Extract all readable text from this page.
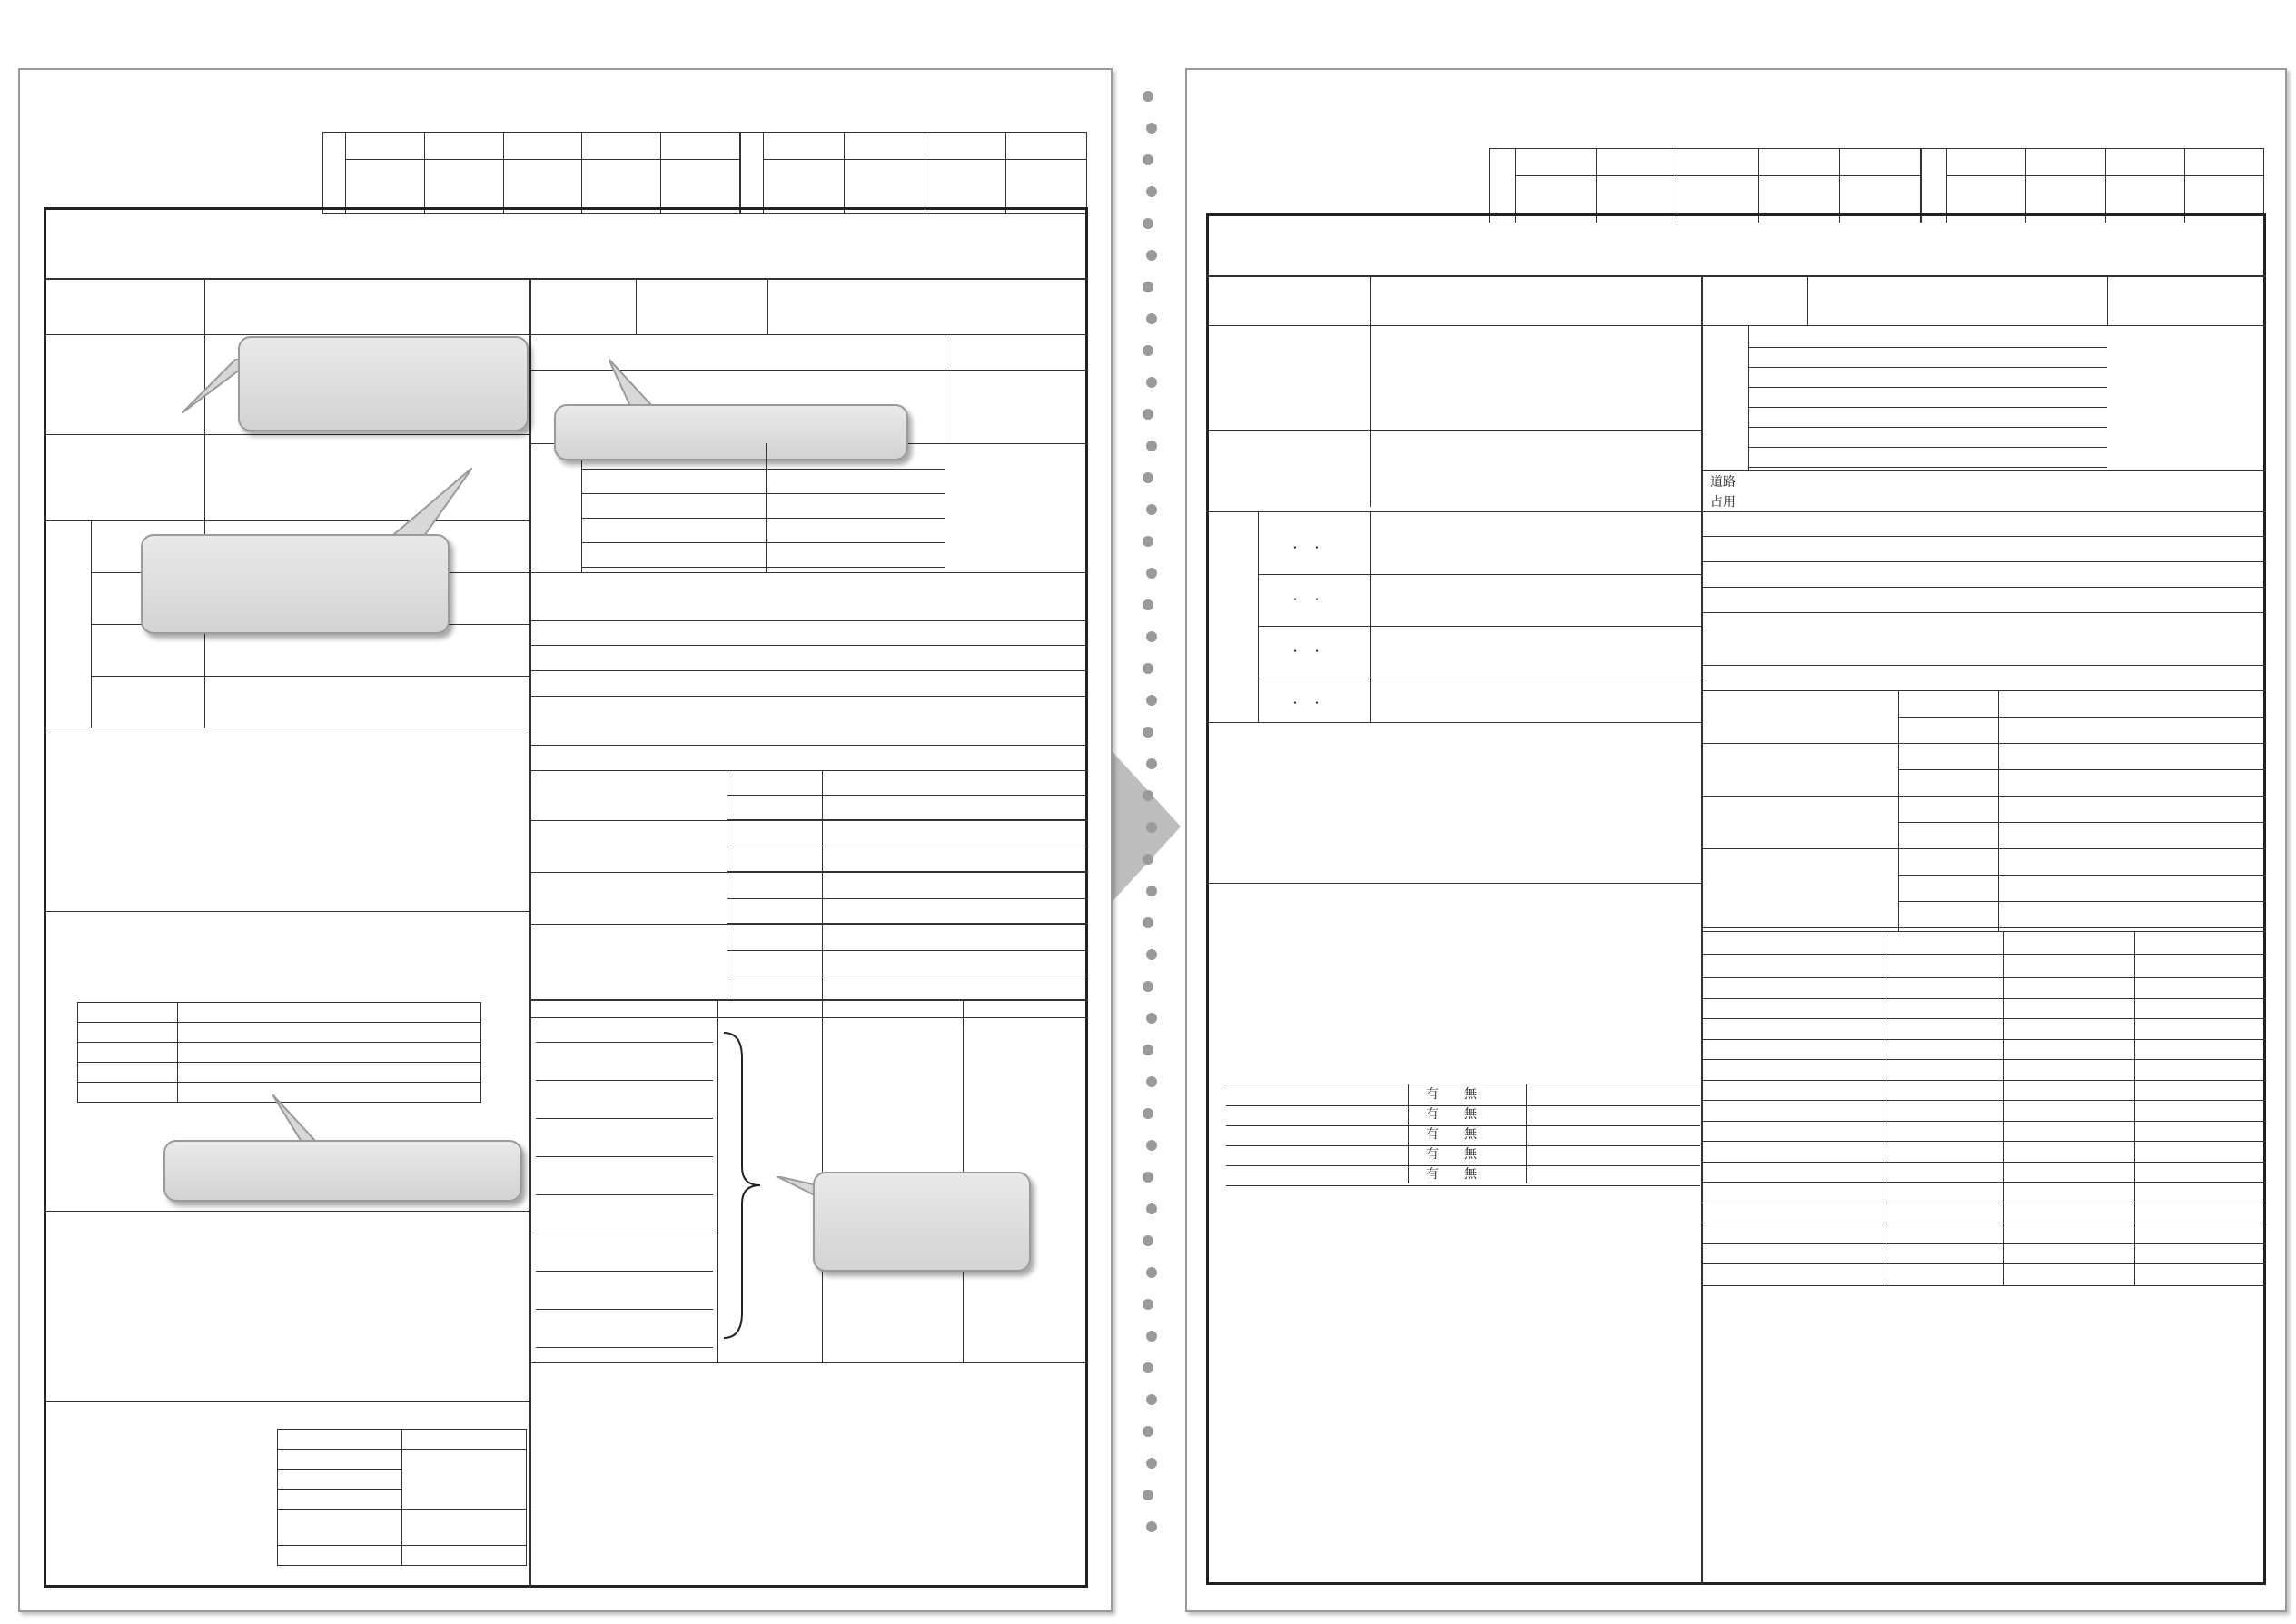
道路
占用
・　・
・　・
・　・
・　・
有　　無
有　　無
有　　無
有　　無
有　　無
